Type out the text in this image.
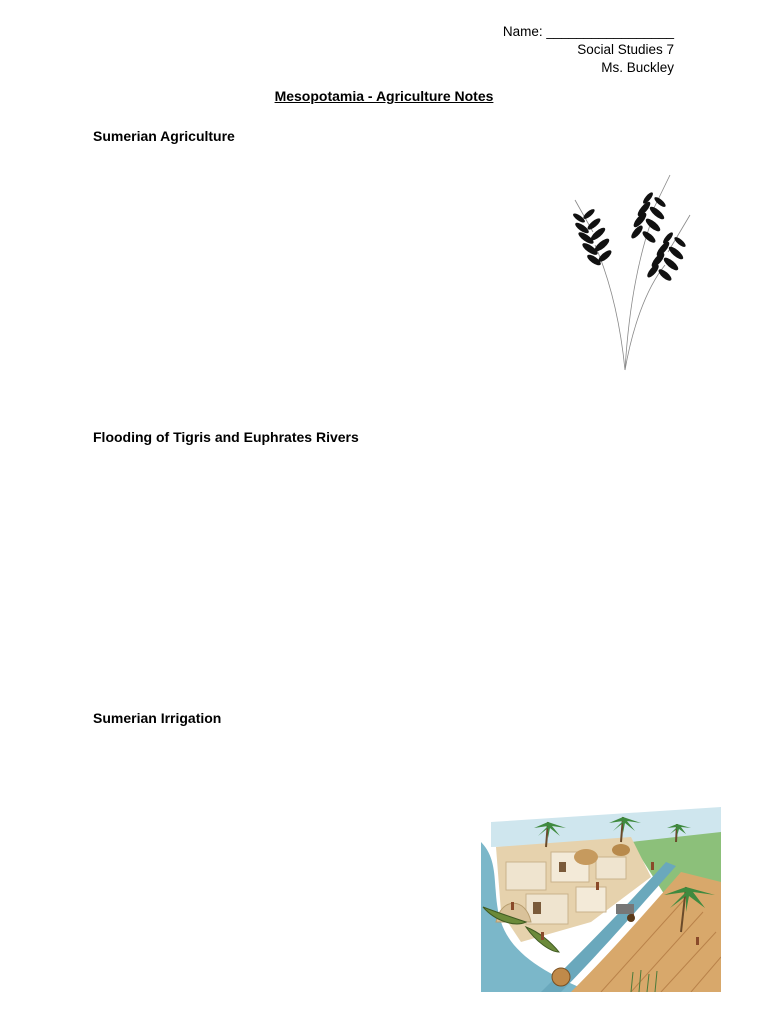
Name: _________________
Social Studies 7
Ms. Buckley
Mesopotamia - Agriculture Notes
Sumerian Agriculture
Flooding of Tigris and Euphrates Rivers
Sumerian Irrigation
